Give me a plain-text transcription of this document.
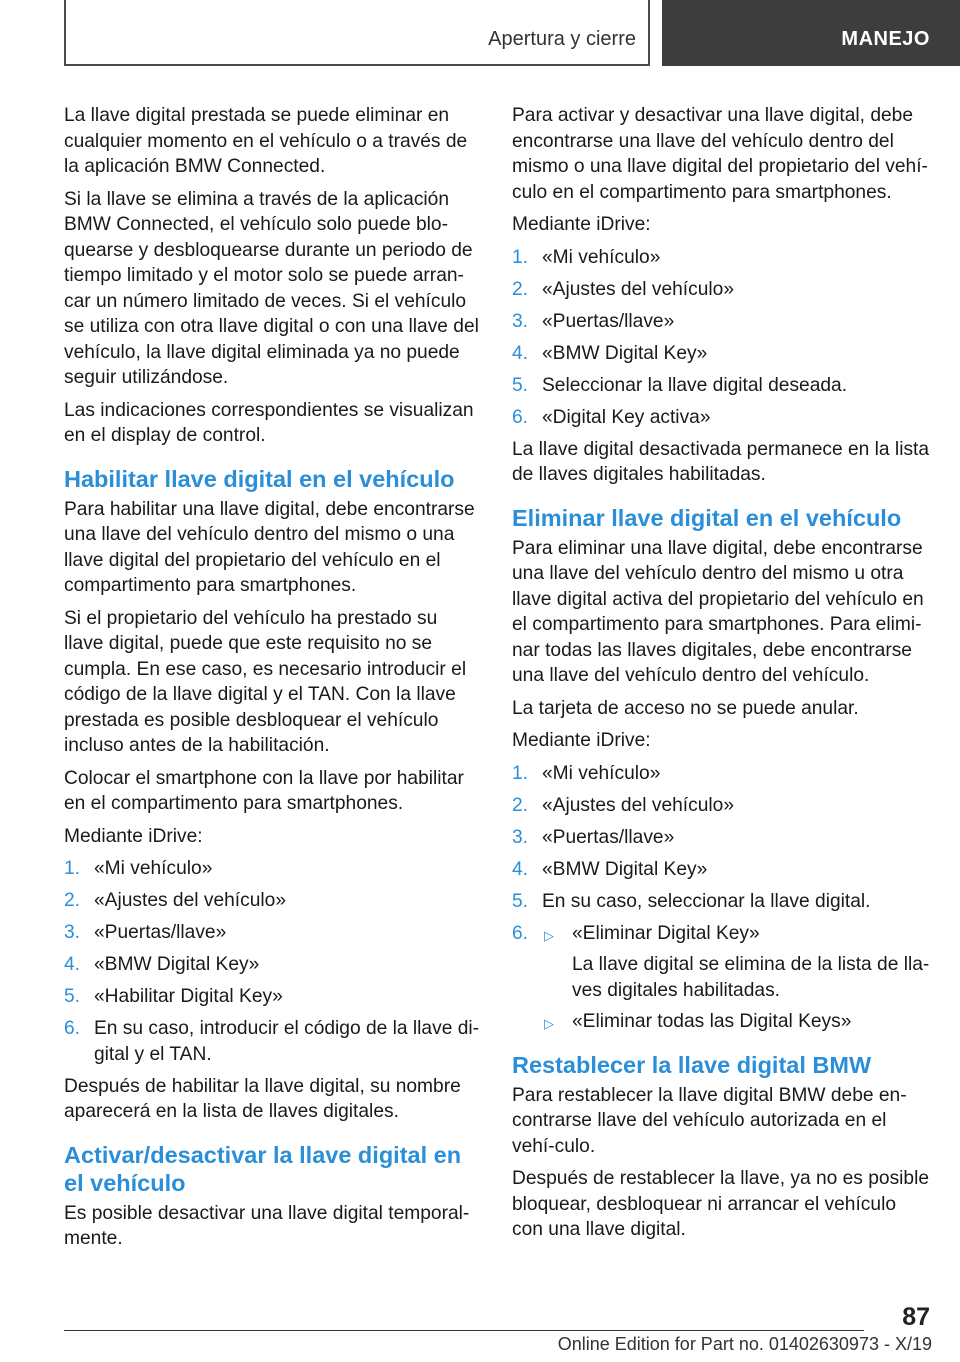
Apertura y cierre	MANEJO

La llave digital prestada se puede eliminar en cualquier momento en el vehículo o a través de la aplicación BMW Connected.

Si la llave se elimina a través de la aplicación BMW Connected, el vehículo solo puede blo-quearse y desbloquearse durante un periodo de tiempo limitado y el motor solo se puede arran-car un número limitado de veces. Si el vehículo se utiliza con otra llave digital o con una llave del vehículo, la llave digital eliminada ya no puede seguir utilizándose.

Las indicaciones correspondientes se visualizan en el display de control.

Habilitar llave digital en el vehículo

Para habilitar una llave digital, debe encontrarse una llave del vehículo dentro del mismo o una llave digital del propietario del vehículo en el compartimento para smartphones.

Si el propietario del vehículo ha prestado su llave digital, puede que este requisito no se cumpla. En ese caso, es necesario introducir el código de la llave digital y el TAN. Con la llave prestada es posible desbloquear el vehículo incluso antes de la habilitación.

Colocar el smartphone con la llave por habilitar en el compartimento para smartphones.

Mediante iDrive:

1. «Mi vehículo»
2. «Ajustes del vehículo»
3. «Puertas/llave»
4. «BMW Digital Key»
5. «Habilitar Digital Key»
6. En su caso, introducir el código de la llave di-gital y el TAN.

Después de habilitar la llave digital, su nombre aparecerá en la lista de llaves digitales.

Activar/desactivar la llave digital en el vehículo

Es posible desactivar una llave digital temporal-mente.

Para activar y desactivar una llave digital, debe encontrarse una llave del vehículo dentro del mismo o una llave digital del propietario del vehí-culo en el compartimento para smartphones.

Mediante iDrive:

1. «Mi vehículo»
2. «Ajustes del vehículo»
3. «Puertas/llave»
4. «BMW Digital Key»
5. Seleccionar la llave digital deseada.
6. «Digital Key activa»

La llave digital desactivada permanece en la lista de llaves digitales habilitadas.

Eliminar llave digital en el vehículo

Para eliminar una llave digital, debe encontrarse una llave del vehículo dentro del mismo u otra llave digital activa del propietario del vehículo en el compartimento para smartphones. Para elimi-nar todas las llaves digitales, debe encontrarse una llave del vehículo dentro del vehículo.

La tarjeta de acceso no se puede anular.

Mediante iDrive:

1. «Mi vehículo»
2. «Ajustes del vehículo»
3. «Puertas/llave»
4. «BMW Digital Key»
5. En su caso, seleccionar la llave digital.
6. ▷ «Eliminar Digital Key»
La llave digital se elimina de la lista de lla-ves digitales habilitadas.
▷ «Eliminar todas las Digital Keys»
Restablecer la llave digital BMW

Para restablecer la llave digital BMW debe en-contrarse llave del vehículo autorizada en el vehí-culo.

Después de restablecer la llave, ya no es posible bloquear, desbloquear ni arrancar el vehículo con una llave digital.

87
Online Edition for Part no. 01402630973 - X/19
